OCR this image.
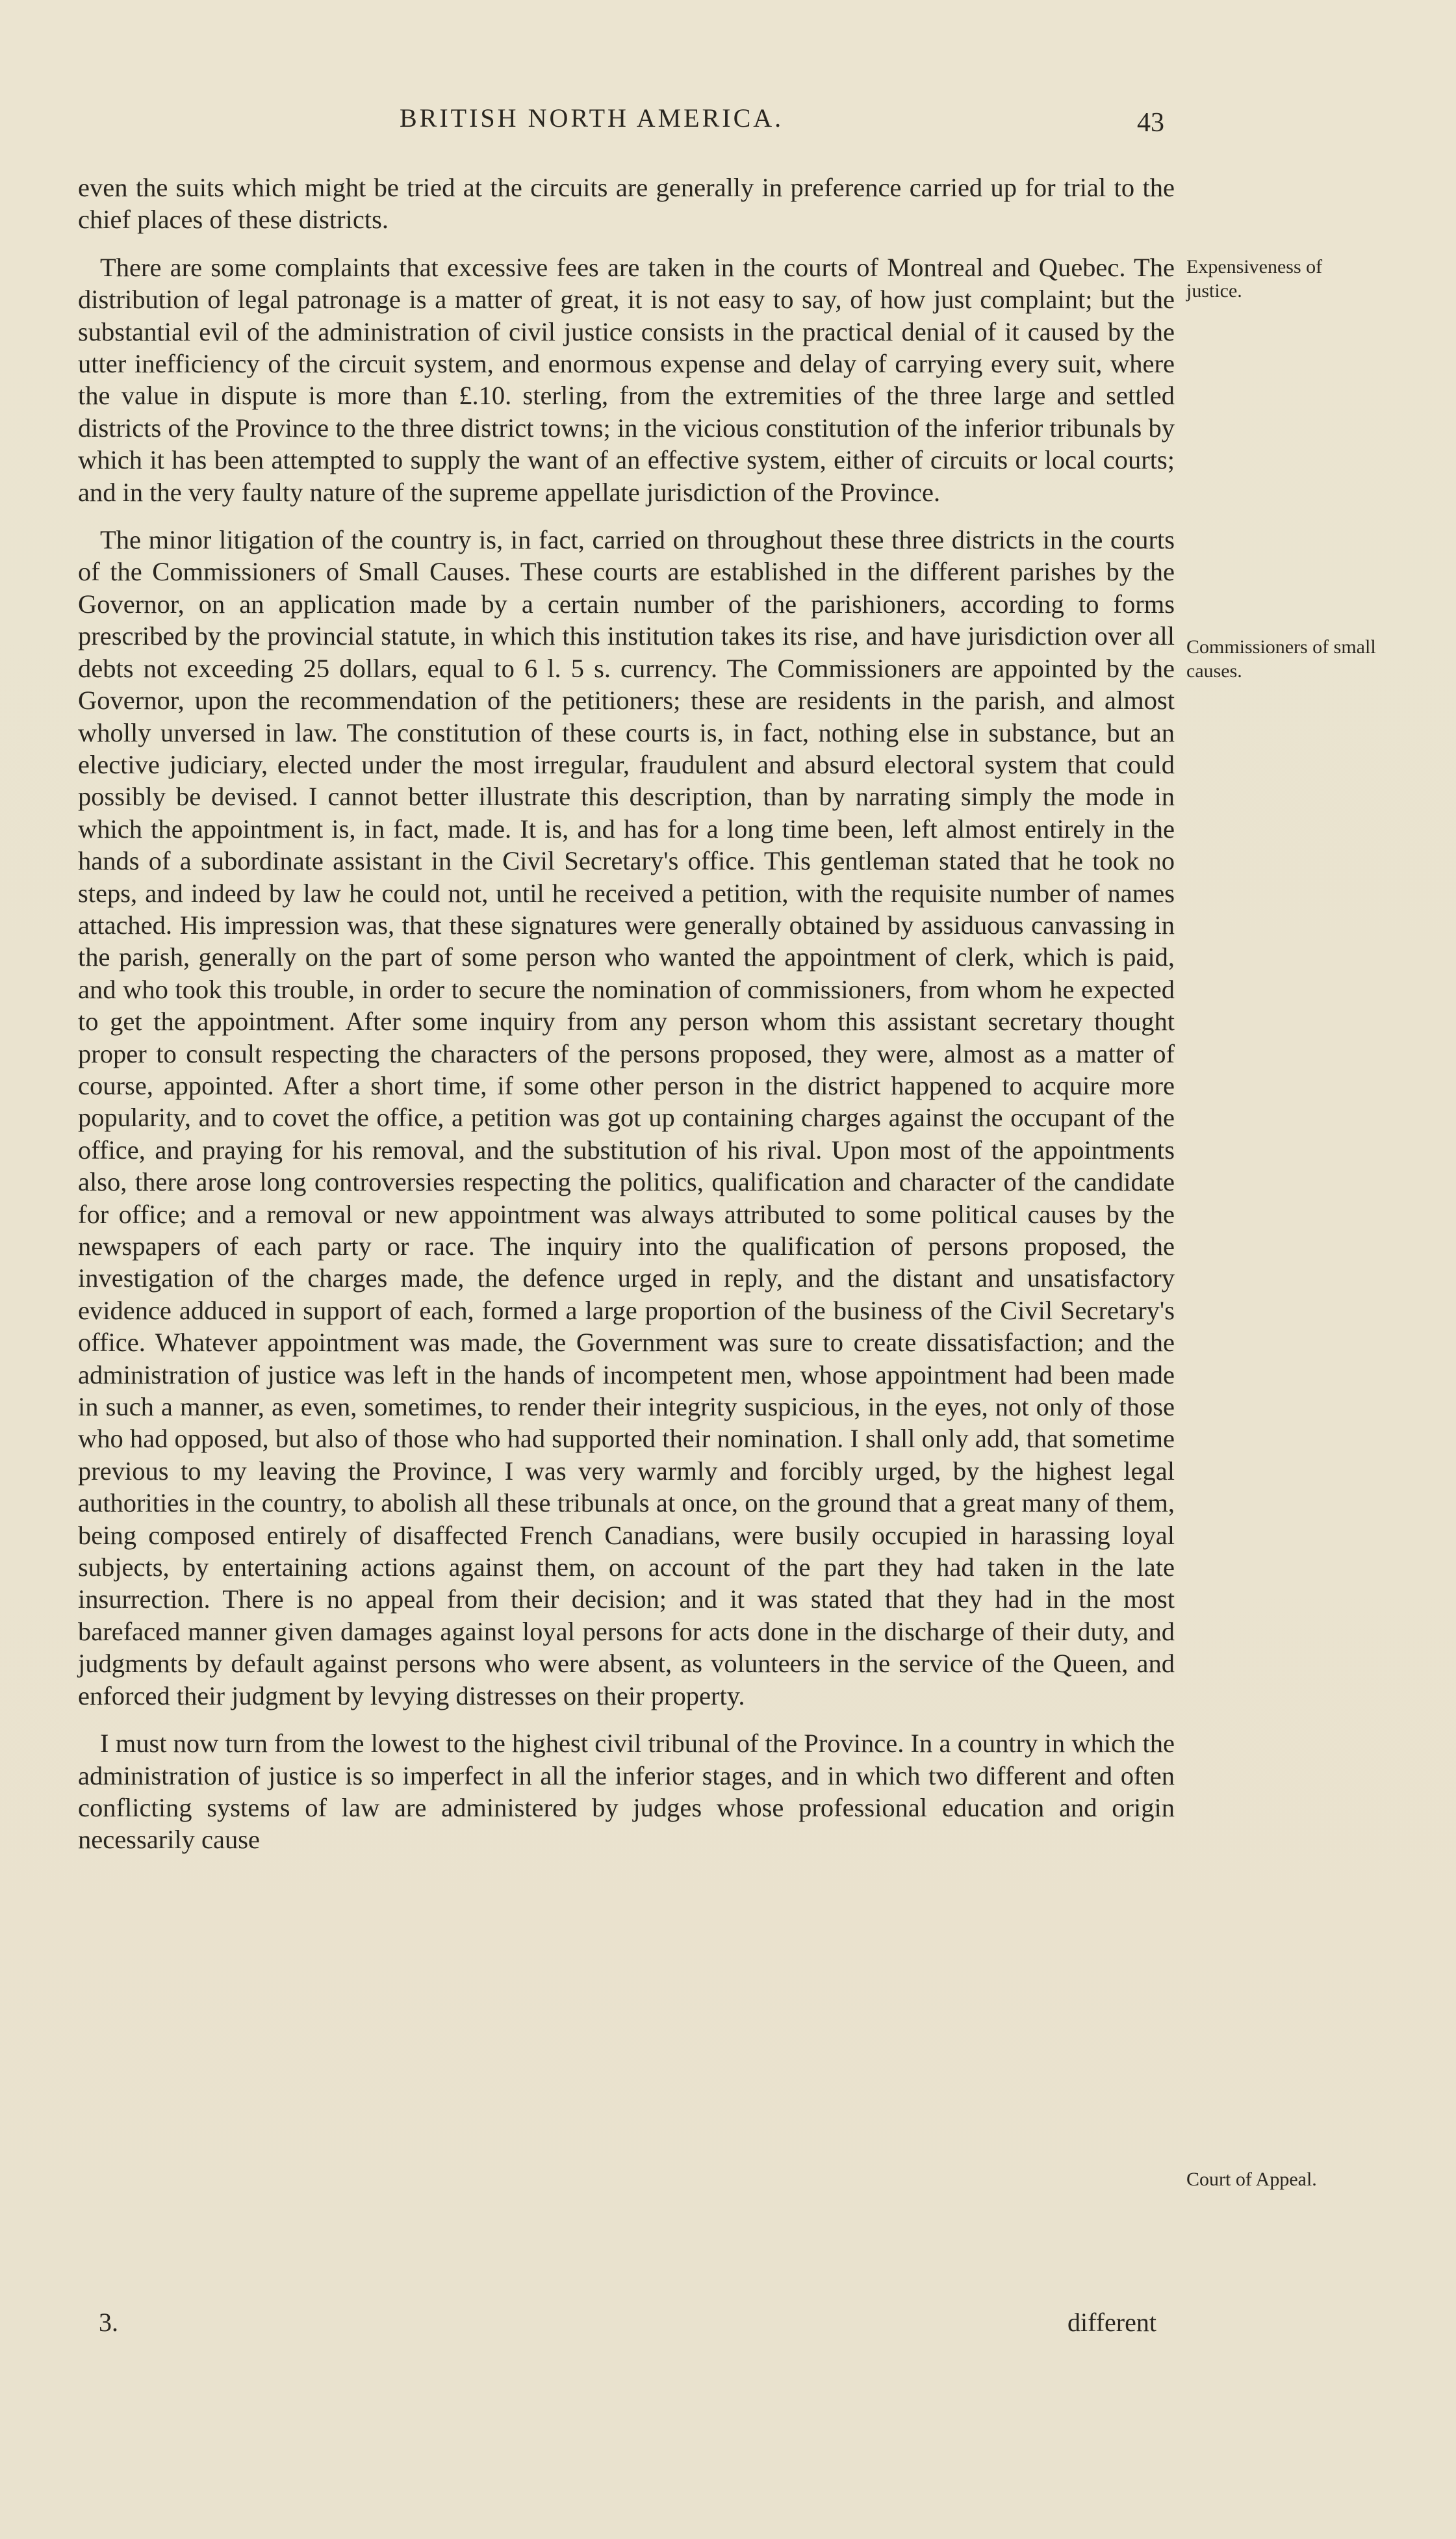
BRITISH NORTH AMERICA.	43

even the suits which might be tried at the circuits are generally in preference carried up for trial to the chief places of these districts.

There are some complaints that excessive fees are taken in the courts of Montreal and Quebec. The distribution of legal patronage is a matter of great, it is not easy to say, of how just complaint; but the substantial evil of the administration of civil justice consists in the practical denial of it caused by the utter inefficiency of the circuit system, and enormous expense and delay of carrying every suit, where the value in dispute is more than £.10. sterling, from the extremities of the three large and settled districts of the Province to the three district towns; in the vicious constitution of the inferior tribunals by which it has been attempted to supply the want of an effective system, either of circuits or local courts; and in the very faulty nature of the supreme appellate jurisdiction of the Province.

The minor litigation of the country is, in fact, carried on throughout these three districts in the courts of the Commissioners of Small Causes. These courts are established in the different parishes by the Governor, on an application made by a certain number of the parishioners, according to forms prescribed by the provincial statute, in which this institution takes its rise, and have jurisdiction over all debts not exceeding 25 dollars, equal to 6 l. 5 s. currency. The Commissioners are appointed by the Governor, upon the recommendation of the petitioners; these are residents in the parish, and almost wholly unversed in law. The constitution of these courts is, in fact, nothing else in substance, but an elective judiciary, elected under the most irregular, fraudulent and absurd electoral system that could possibly be devised. I cannot better illustrate this description, than by narrating simply the mode in which the appointment is, in fact, made. It is, and has for a long time been, left almost entirely in the hands of a subordinate assistant in the Civil Secretary's office. This gentleman stated that he took no steps, and indeed by law he could not, until he received a petition, with the requisite number of names attached. His impression was, that these signatures were generally obtained by assiduous canvassing in the parish, generally on the part of some person who wanted the appointment of clerk, which is paid, and who took this trouble, in order to secure the nomination of commissioners, from whom he expected to get the appointment. After some inquiry from any person whom this assistant secretary thought proper to consult respecting the characters of the persons proposed, they were, almost as a matter of course, appointed. After a short time, if some other person in the district happened to acquire more popularity, and to covet the office, a petition was got up containing charges against the occupant of the office, and praying for his removal, and the substitution of his rival. Upon most of the appointments also, there arose long controversies respecting the politics, qualification and character of the candidate for office; and a removal or new appointment was always attributed to some political causes by the newspapers of each party or race. The inquiry into the qualification of persons proposed, the investigation of the charges made, the defence urged in reply, and the distant and unsatisfactory evidence adduced in support of each, formed a large proportion of the business of the Civil Secretary's office. Whatever appointment was made, the Government was sure to create dissatisfaction; and the administration of justice was left in the hands of incompetent men, whose appointment had been made in such a manner, as even, sometimes, to render their integrity suspicious, in the eyes, not only of those who had opposed, but also of those who had supported their nomination. I shall only add, that sometime previous to my leaving the Province, I was very warmly and forcibly urged, by the highest legal authorities in the country, to abolish all these tribunals at once, on the ground that a great many of them, being composed entirely of disaffected French Canadians, were busily occupied in harassing loyal subjects, by entertaining actions against them, on account of the part they had taken in the late insurrection. There is no appeal from their decision; and it was stated that they had in the most barefaced manner given damages against loyal persons for acts done in the discharge of their duty, and judgments by default against persons who were absent, as volunteers in the service of the Queen, and enforced their judgment by levying distresses on their property.

I must now turn from the lowest to the highest civil tribunal of the Province. In a country in which the administration of justice is so imperfect in all the inferior stages, and in which two different and often conflicting systems of law are administered by judges whose professional education and origin necessarily cause

Expensiveness of justice.

Commissioners of small causes.

Court of Appeal.

3.	different
